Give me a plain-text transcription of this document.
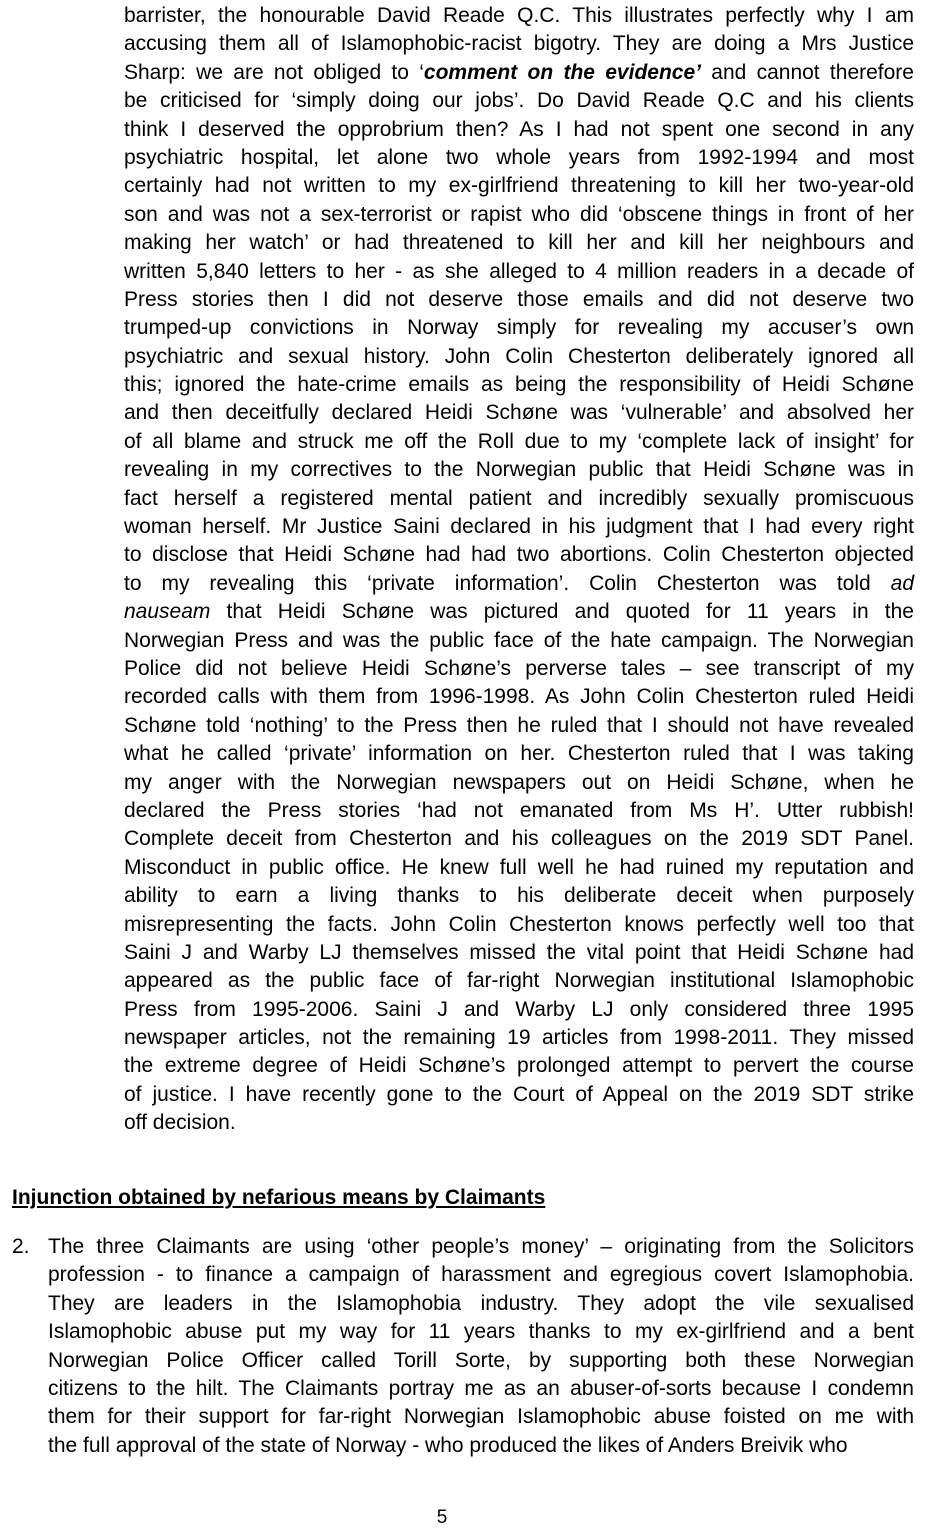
barrister, the honourable David Reade Q.C. This illustrates perfectly why I am
accusing them all of Islamophobic-racist bigotry. They are doing a Mrs Justice
Sharp: we are not obliged to ‘comment on the evidence’ and cannot therefore
be criticised for ‘simply doing our jobs’. Do David Reade Q.C and his clients
think I deserved the opprobrium then? As I had not spent one second in any
psychiatric hospital, let alone two whole years from 1992-1994 and most
certainly had not written to my ex-girlfriend threatening to kill her two-year-old
son and was not a sex-terrorist or rapist who did ‘obscene things in front of her
making her watch’ or had threatened to kill her and kill her neighbours and
written 5,840 letters to her - as she alleged to 4 million readers in a decade of
Press stories then I did not deserve those emails and did not deserve two
trumped-up convictions in Norway simply for revealing my accuser’s own
psychiatric and sexual history. John Colin Chesterton deliberately ignored all
this; ignored the hate-crime emails as being the responsibility of Heidi Schøne
and then deceitfully declared Heidi Schøne was ‘vulnerable’ and absolved her
of all blame and struck me off the Roll due to my ‘complete lack of insight’ for
revealing in my correctives to the Norwegian public that Heidi Schøne was in
fact herself a registered mental patient and incredibly sexually promiscuous
woman herself. Mr Justice Saini declared in his judgment that I had every right
to disclose that Heidi Schøne had had two abortions. Colin Chesterton objected
to my revealing this ‘private information’. Colin Chesterton was told ad
nauseam that Heidi Schøne was pictured and quoted for 11 years in the
Norwegian Press and was the public face of the hate campaign. The Norwegian
Police did not believe Heidi Schøne’s perverse tales – see transcript of my
recorded calls with them from 1996-1998. As John Colin Chesterton ruled Heidi
Schøne told ‘nothing’ to the Press then he ruled that I should not have revealed
what he called ‘private’ information on her. Chesterton ruled that I was taking
my anger with the Norwegian newspapers out on Heidi Schøne, when he
declared the Press stories ‘had not emanated from Ms H’. Utter rubbish!
Complete deceit from Chesterton and his colleagues on the 2019 SDT Panel.
Misconduct in public office. He knew full well he had ruined my reputation and
ability to earn a living thanks to his deliberate deceit when purposely
misrepresenting the facts. John Colin Chesterton knows perfectly well too that
Saini J and Warby LJ themselves missed the vital point that Heidi Schøne had
appeared as the public face of far-right Norwegian institutional Islamophobic
Press from 1995-2006. Saini J and Warby LJ only considered three 1995
newspaper articles, not the remaining 19 articles from 1998-2011. They missed
the extreme degree of Heidi Schøne’s prolonged attempt to pervert the course
of justice. I have recently gone to the Court of Appeal on the 2019 SDT strike
off decision.
Injunction obtained by nefarious means by Claimants
2. The three Claimants are using ‘other people’s money’ – originating from the Solicitors
profession - to finance a campaign of harassment and egregious covert Islamophobia.
They are leaders in the Islamophobia industry. They adopt the vile sexualised
Islamophobic abuse put my way for 11 years thanks to my ex-girlfriend and a bent
Norwegian Police Officer called Torill Sorte, by supporting both these Norwegian
citizens to the hilt. The Claimants portray me as an abuser-of-sorts because I condemn
them for their support for far-right Norwegian Islamophobic abuse foisted on me with
the full approval of the state of Norway - who produced the likes of Anders Breivik who
5
